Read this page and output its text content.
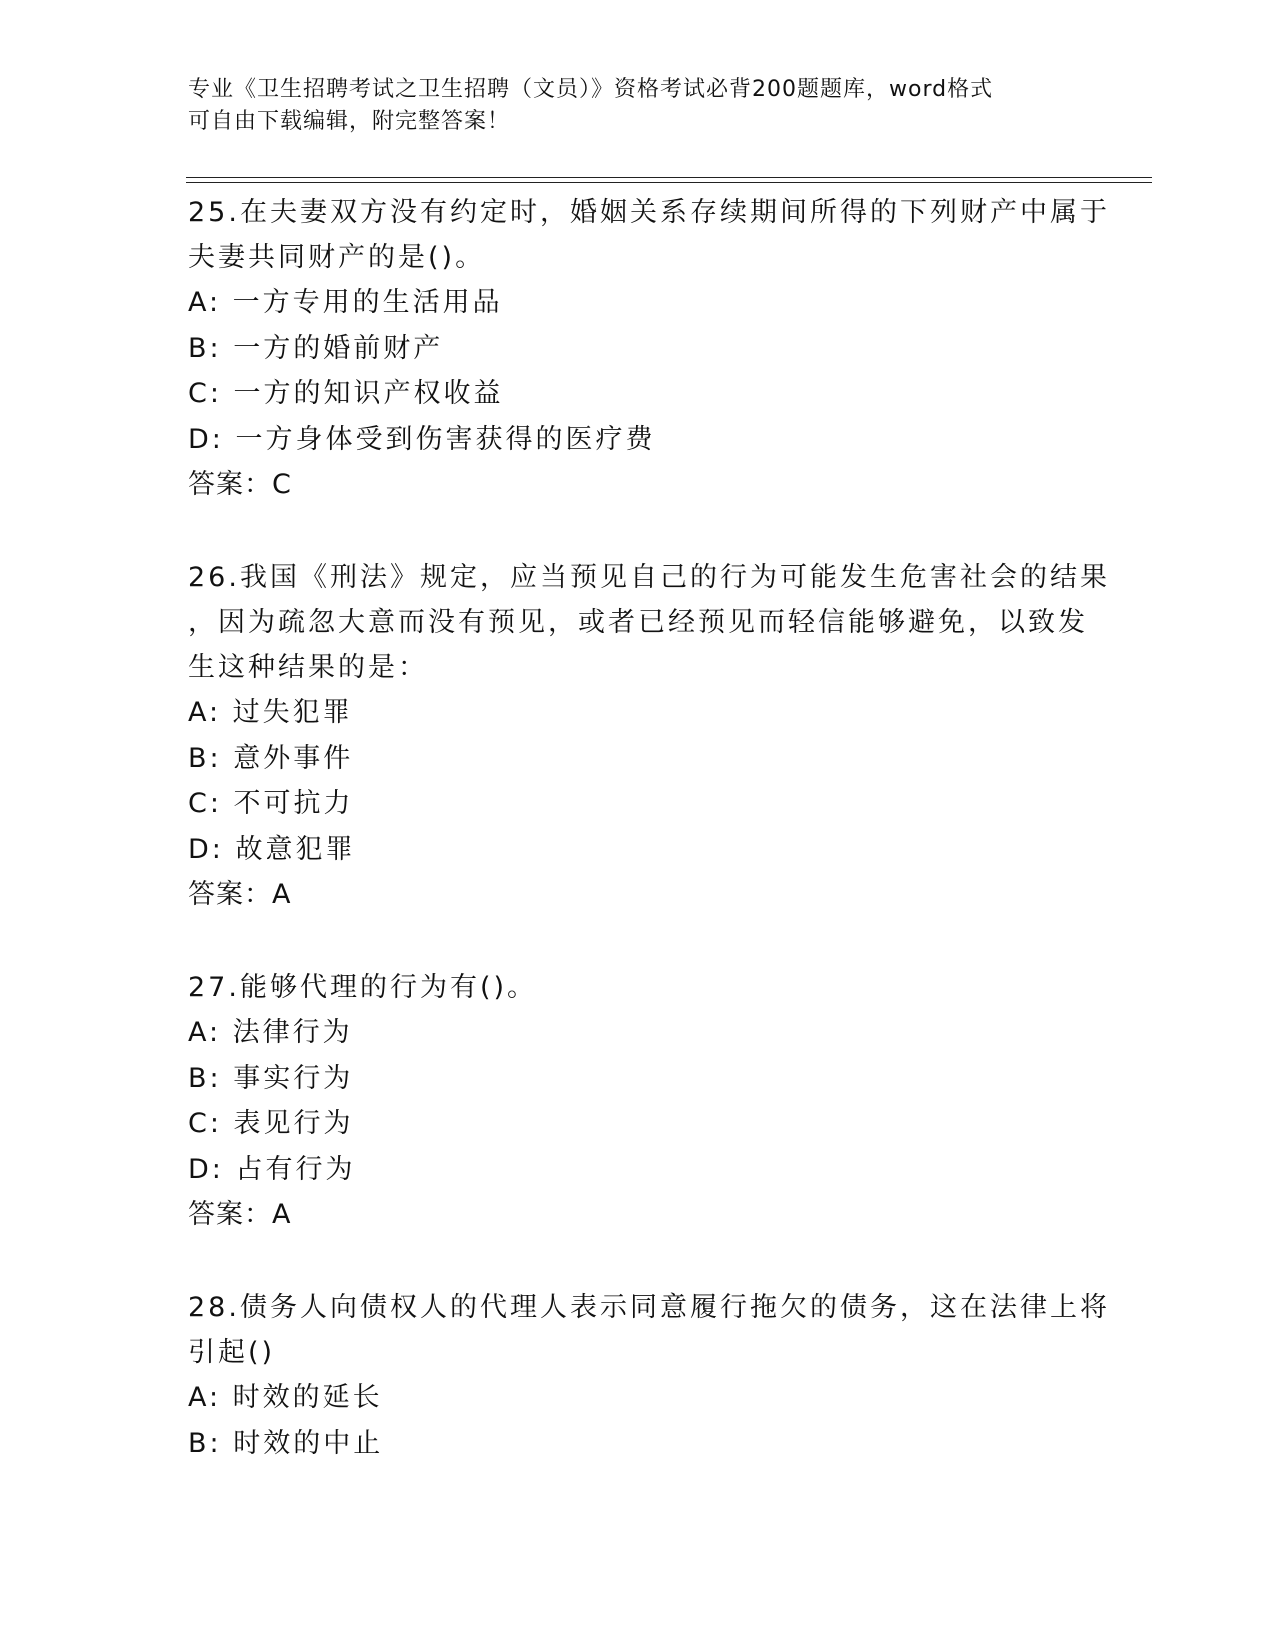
专业《卫生招聘考试之卫生招聘（文员）》资格考试必背200题题库，word格式
可自由下载编辑，附完整答案！
25.在夫妻双方没有约定时，婚姻关系存续期间所得的下列财产中属于
夫妻共同财产的是()。
A: 一方专用的生活用品
B: 一方的婚前财产
C: 一方的知识产权收益
D: 一方身体受到伤害获得的医疗费
答案：C
26.我国《刑法》规定，应当预见自己的行为可能发生危害社会的结果
，因为疏忽大意而没有预见，或者已经预见而轻信能够避免，以致发
生这种结果的是：
A: 过失犯罪
B: 意外事件
C: 不可抗力
D: 故意犯罪
答案：A
27.能够代理的行为有()。
A: 法律行为
B: 事实行为
C: 表见行为
D: 占有行为
答案：A
28.债务人向债权人的代理人表示同意履行拖欠的债务，这在法律上将
引起()
A: 时效的延长
B: 时效的中止
